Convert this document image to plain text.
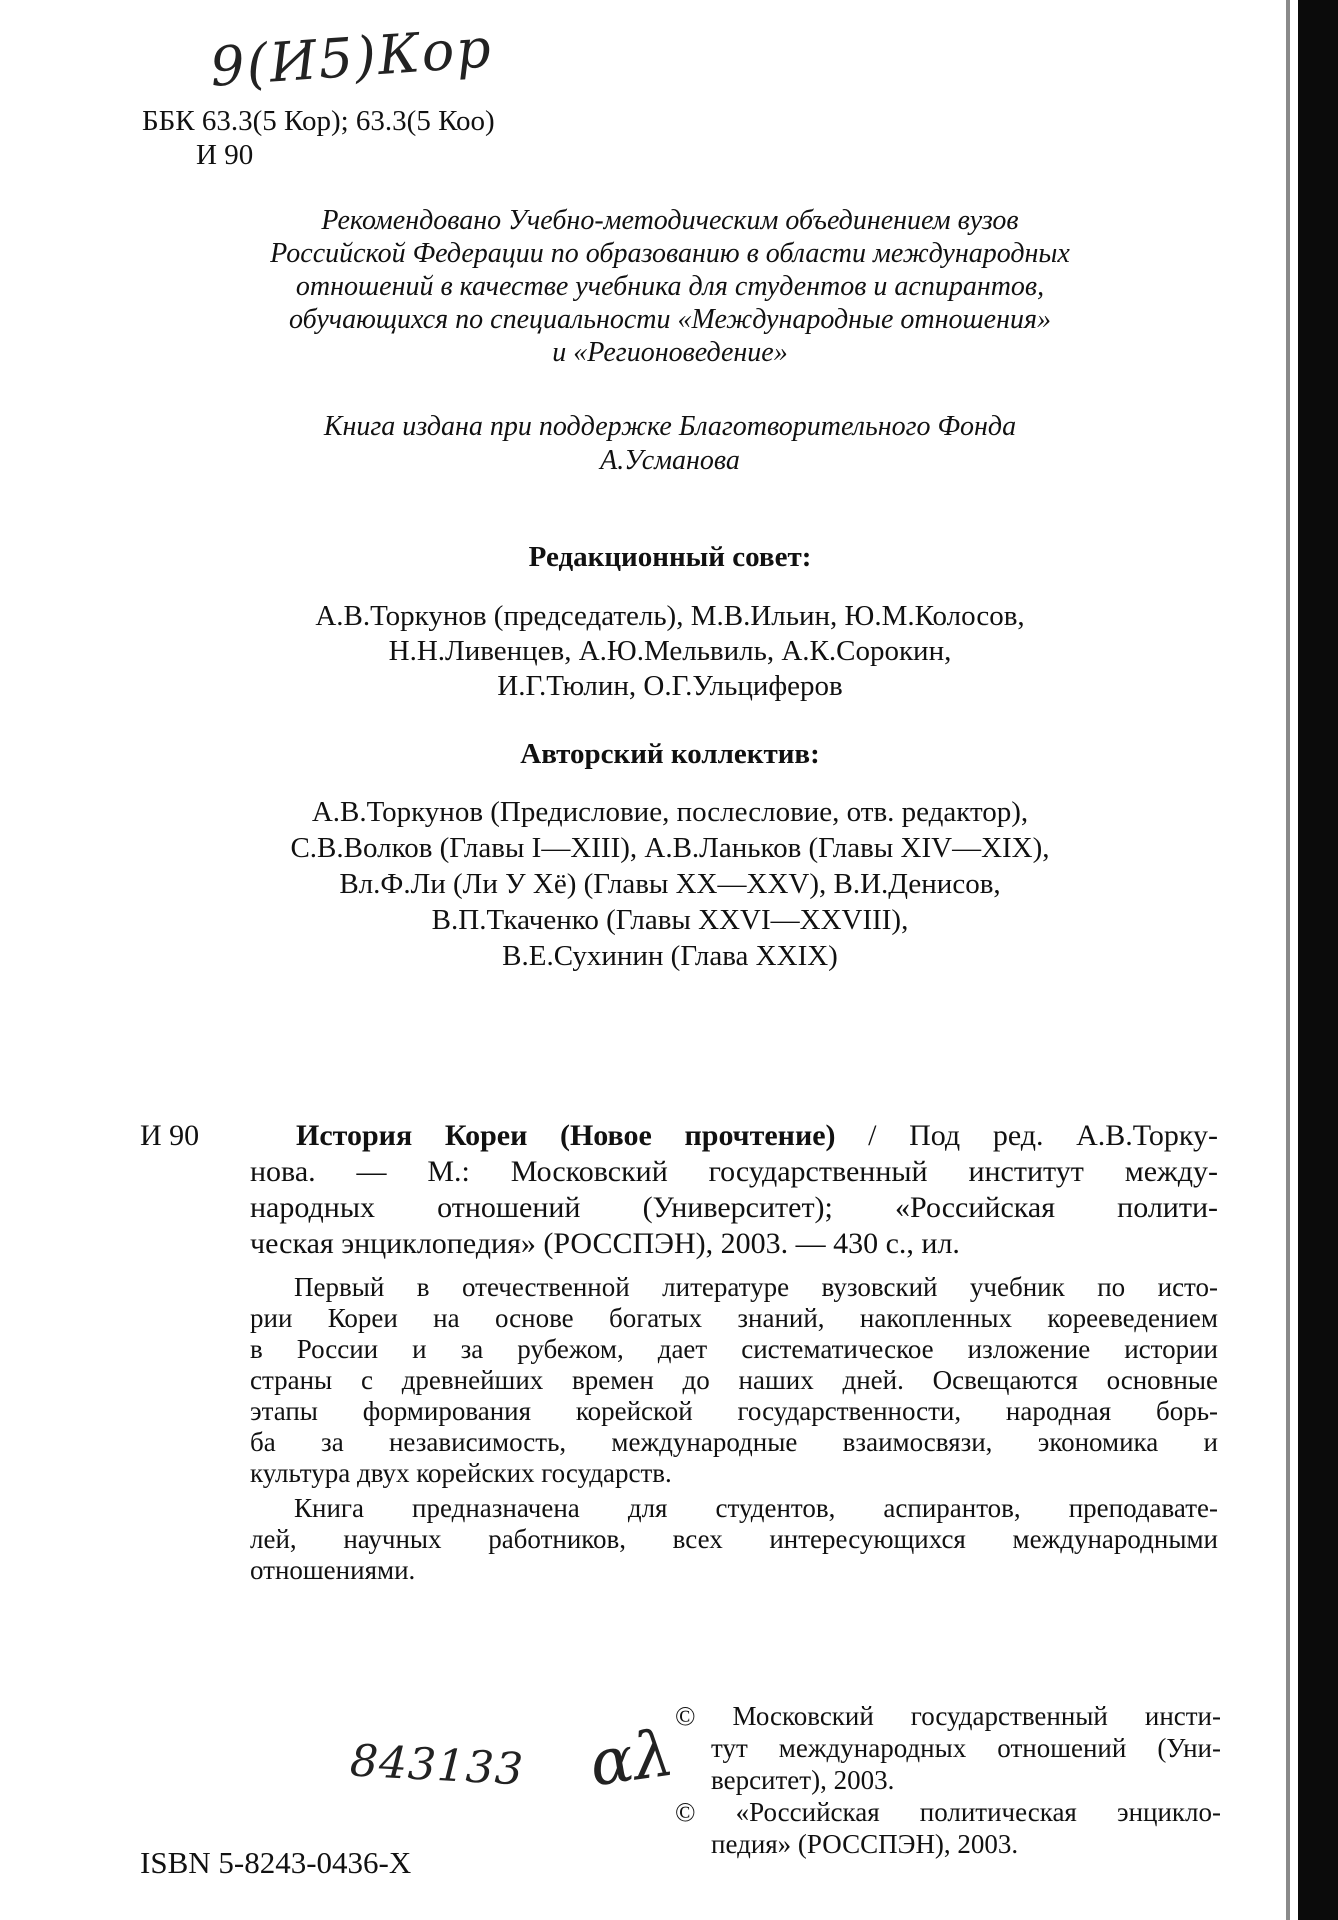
9(И5)Кор
ББК 63.3(5 Кор); 63.3(5 Коо)
И 90
Рекомендовано Учебно-методическим объединением вузов
Российской Федерации по образованию в области международных
отношений в качестве учебника для студентов и аспирантов,
обучающихся по специальности «Международные отношения»
и «Регионоведение»
Книга издана при поддержке Благотворительного Фонда
А.Усманова
Редакционный совет:
А.В.Торкунов (председатель), М.В.Ильин, Ю.М.Колосов,
Н.Н.Ливенцев, А.Ю.Мельвиль, А.К.Сорокин,
И.Г.Тюлин, О.Г.Ульциферов
Авторский коллектив:
А.В.Торкунов (Предисловие, послесловие, отв. редактор),
С.В.Волков (Главы I—XIII), А.В.Ланьков (Главы XIV—XIX),
Вл.Ф.Ли (Ли У Хё) (Главы XX—XXV), В.И.Денисов,
В.П.Ткаченко (Главы XXVI—XXVIII),
В.Е.Сухинин (Глава XXIX)
И 90	История Кореи (Новое прочтение) / Под ред. А.В.Торку-
нова. — М.: Московский государственный институт между-
народных отношений (Университет); «Российская полити-
ческая энциклопедия» (РОССПЭН), 2003. — 430 с., ил.

Первый в отечественной литературе вузовский учебник по исто-
рии Кореи на основе богатых знаний, накопленных корееведением
в России и за рубежом, дает систематическое изложение истории
страны с древнейших времен до наших дней. Освещаются основные
этапы формирования корейской государственности, народная борь-
ба за независимость, международные взаимосвязи, экономика и
культура двух корейских государств.

Книга предназначена для студентов, аспирантов, преподавате-
лей, научных работников, всех интересующихся международными
отношениями.

843133 αλ
© Московский государственный инсти-
тут международных отношений (Уни-
верситет), 2003.
© «Российская политическая энцикло-
педия» (РОССПЭН), 2003.
ISBN 5-8243-0436-X
